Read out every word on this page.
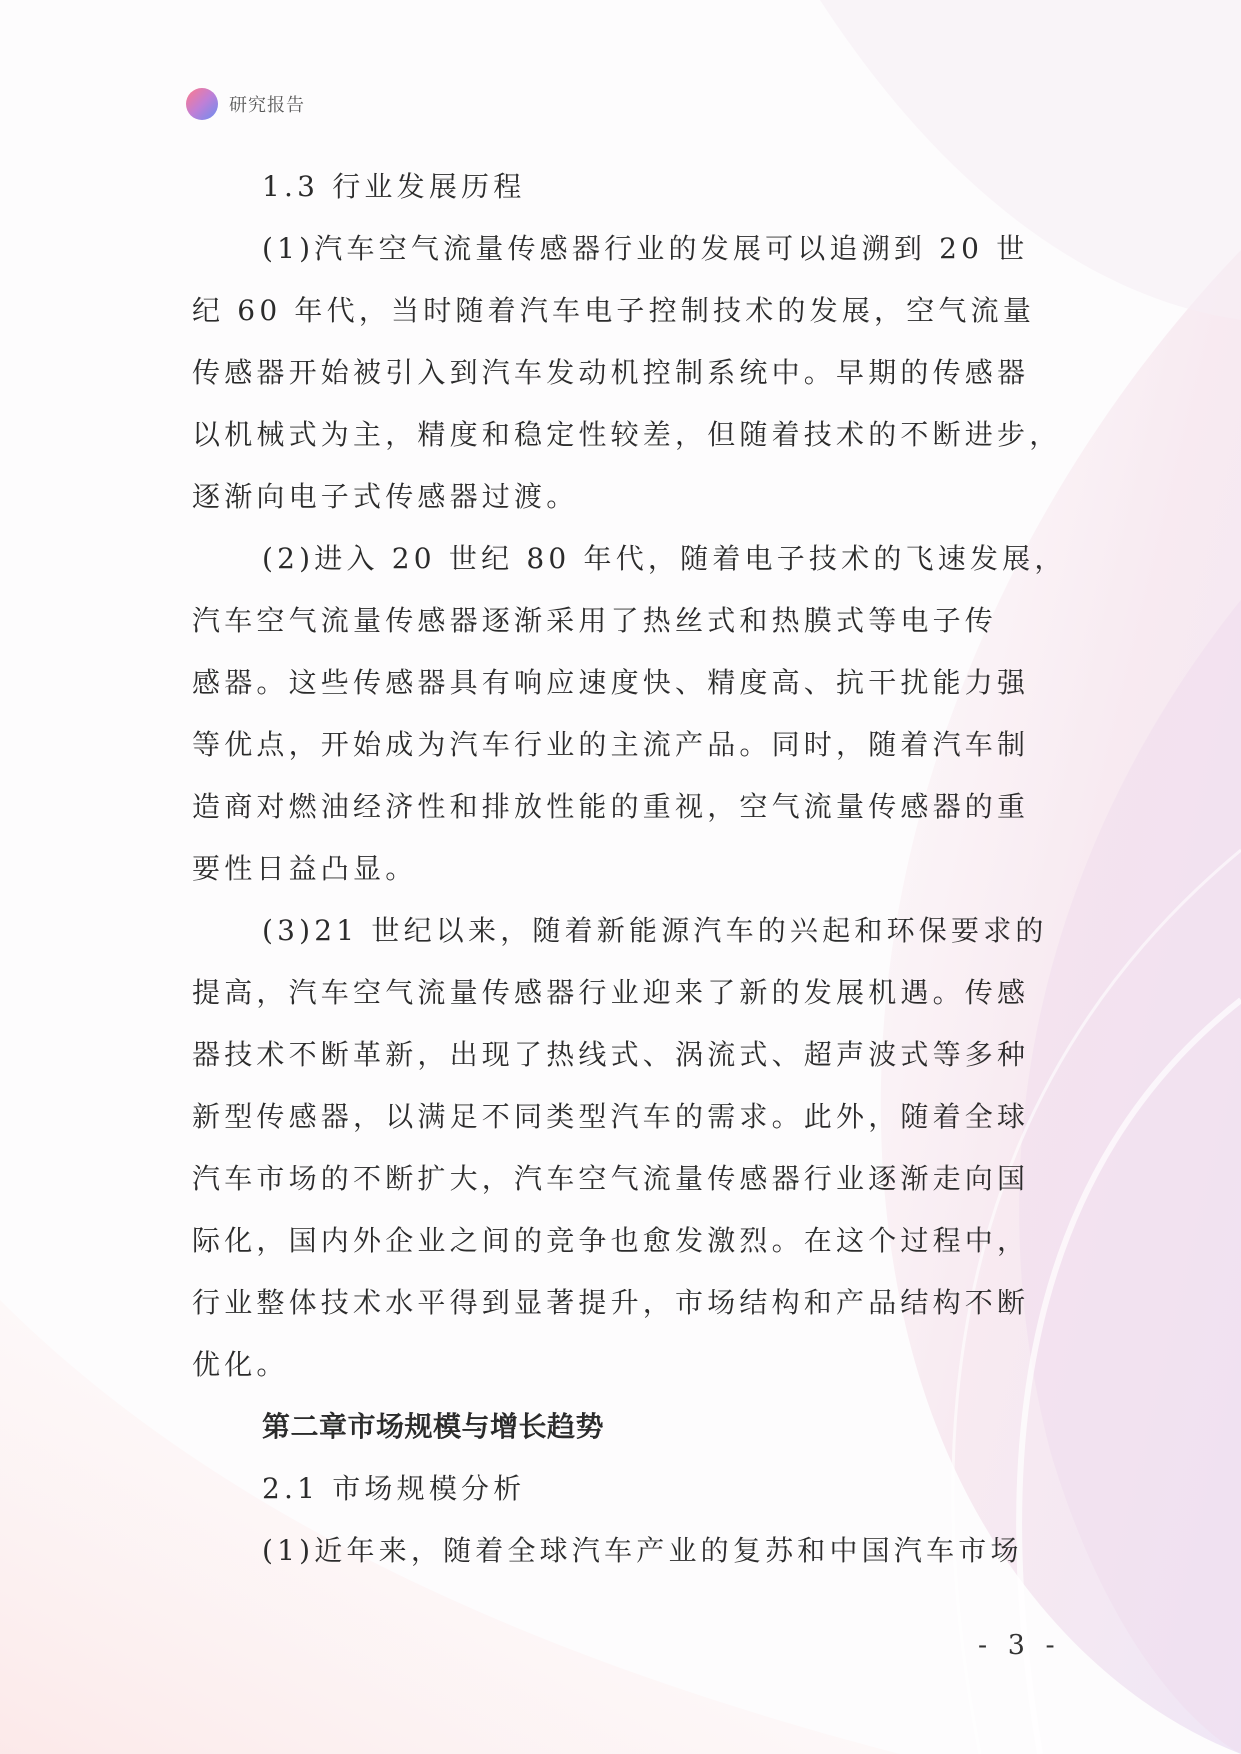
研究报告
1.3 行业发展历程
(1)汽车空气流量传感器行业的发展可以追溯到 20 世
纪 60 年代，当时随着汽车电子控制技术的发展，空气流量
传感器开始被引入到汽车发动机控制系统中。早期的传感器
以机械式为主，精度和稳定性较差，但随着技术的不断进步，
逐渐向电子式传感器过渡。
(2)进入 20 世纪 80 年代，随着电子技术的飞速发展，
汽车空气流量传感器逐渐采用了热丝式和热膜式等电子传
感器。这些传感器具有响应速度快、精度高、抗干扰能力强
等优点，开始成为汽车行业的主流产品。同时，随着汽车制
造商对燃油经济性和排放性能的重视，空气流量传感器的重
要性日益凸显。
(3)21 世纪以来，随着新能源汽车的兴起和环保要求的
提高，汽车空气流量传感器行业迎来了新的发展机遇。传感
器技术不断革新，出现了热线式、涡流式、超声波式等多种
新型传感器，以满足不同类型汽车的需求。此外，随着全球
汽车市场的不断扩大，汽车空气流量传感器行业逐渐走向国
际化，国内外企业之间的竞争也愈发激烈。在这个过程中，
行业整体技术水平得到显著提升，市场结构和产品结构不断
优化。
第二章市场规模与增长趋势
2.1 市场规模分析
(1)近年来，随着全球汽车产业的复苏和中国汽车市场
- 3 -
